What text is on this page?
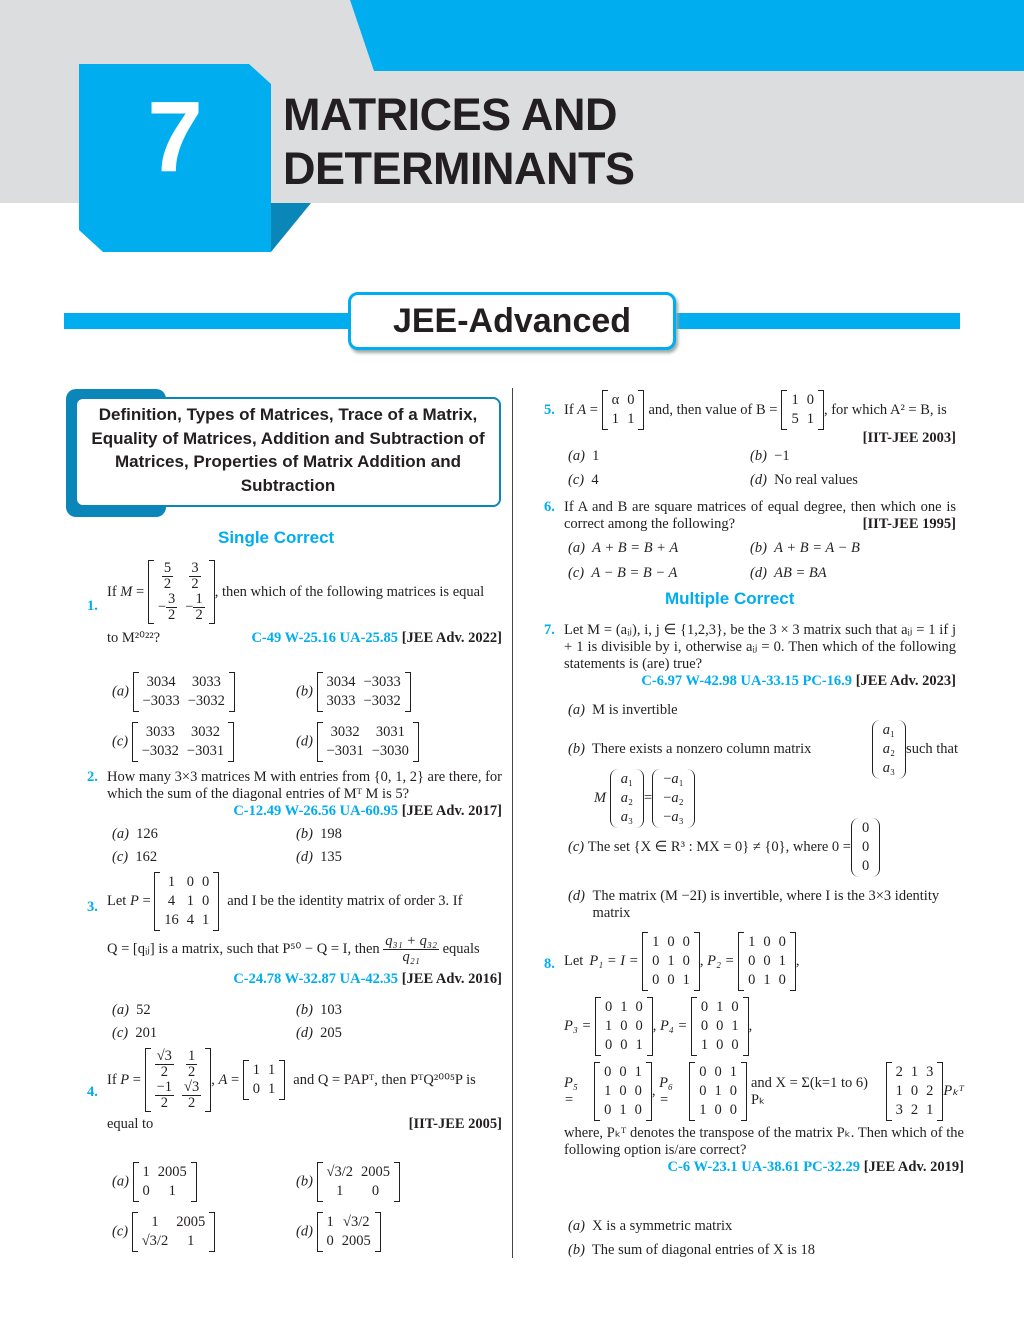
7	MATRICES AND
DETERMINANTS
JEE-Advanced
Definition, Types of Matrices, Trace of a Matrix, Equality of Matrices, Addition and Subtraction of Matrices, Properties of Matrix Addition and Subtraction
Single Correct
1.
If $M = \frac{5}{2}$	$\frac{3}{2}$

− $\frac{3}{2}$	− $\frac{1}{2}$
, then which of the following matrices is equal
to M²⁰²²?	C-49 W-25.16 UA-25.85 [JEE Adv. 2022]
(a)
3034	3033
−3033	−3032
(b)
3034	−3033
3033	−3032
(c)
3033	3032
−3032	−3031
(d)
3032	3031
−3031	−3030
2. How many 3×3 matrices M with entries from {0, 1, 2} are there, for which the sum of the diagonal entries of Mᵀ M is 5?
C-12.49 W-26.56 UA-60.95 [JEE Adv. 2017]
(a) 126	(b) 198
(c) 162	(d) 135
3. Let P =
1	0	0
4	1	0
16	4	1
and I be the identity matrix of order 3. If
Q = [qᵢⱼ] is a matrix, such that P⁵⁰ − Q = I, then
$\frac{\text{q₃₁ + q₃₂}}{\text{q₂₁}}$
equals
C-24.78 W-32.87 UA-42.35 [JEE Adv. 2016]
(a) 52	(b) 103
(c) 201	(d) 205
4.
If $P = \frac{√3}{2}$	$\frac{1}{2}$

$\frac{-1}{2}$	$\frac{√3}{2}$
, A =
1	1
0	1
and Q = PAPᵀ, then PᵀQ²⁰⁰⁵P is
equal to	[IIT-JEE 2005]
(a)
1	2005
0	1
(b)
√3/2	2005
1	0
(c)
1	2005
√3/2	1
(d)
1	√3/2
0	2005
5. If A =
α	0
1	1
and, then value of B =
1	0
5	1
, for which A² = B, is
[IIT-JEE 2003]
(a) 1	(b) −1
(c) 4	(d) No real values
6. If A and B are square matrices of equal degree, then which one is correct among the following?	[IIT-JEE 1995]
(a) A + B = B + A	(b) A + B = A − B
(c) A − B = B − A	(d) AB = BA
Multiple Correct
7. Let M = (aᵢⱼ), i, j ∈ {1,2,3}, be the 3 × 3 matrix such that aᵢⱼ = 1 if j + 1 is divisible by i, otherwise aᵢⱼ = 0. Then which of the following statements is (are) true?
C-6.97 W-42.98 UA-33.15 PC-16.9 [JEE Adv. 2023]
(a) M is invertible
(b) There exists a nonzero column matrix
a₁
a₂
a₃
such that
M

a₁
a₂
a₃
=
−a₁
−a₂
−a₃
(c)
The set {X ∈ R³ : MX = 0} ≠ {0}, where 0 =
0
0
0
(d)
The matrix (M −2I) is invertible, where I is the 3×3 identity matrix
8. Let P₁ = I =

1	0	0
0	1	0
0	0	1
, P₂ =

1	0	0
0	0	1
0	1	0
,
P₃ =

0	1	0
1	0	0
0	0	1
, P₄ =

0	1	0
0	0	1
1	0	0
,
P₅ =

0	0	1
1	0	0
0	1	0
,
P₆ =

0	0	1
0	1	0
1	0	0
and X = Σ(k=1 to 6) Pₖ
2	1	3
1	0	2
3	2	1
Pₖᵀ
where, Pₖᵀ denotes the transpose of the matrix Pₖ. Then which of the following option is/are correct?
C-6 W-23.1 UA-38.61 PC-32.29 [JEE Adv. 2019]
(a) X is a symmetric matrix
(b) The sum of diagonal entries of X is 18
